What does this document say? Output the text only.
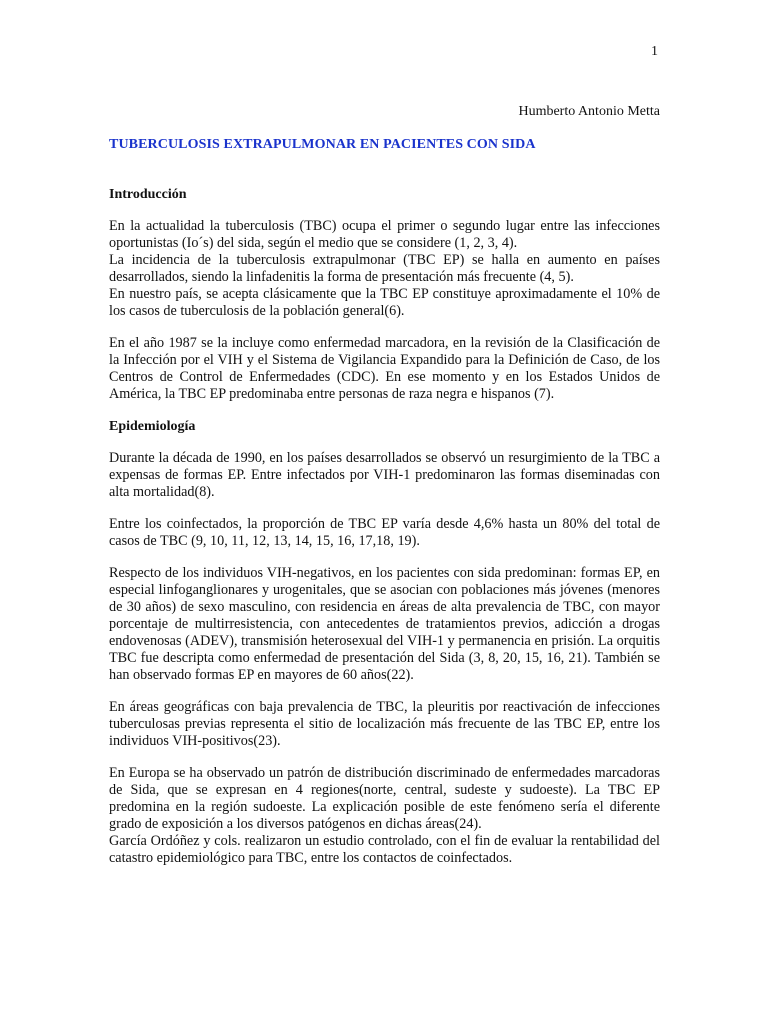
1
Humberto Antonio Metta
TUBERCULOSIS EXTRAPULMONAR EN PACIENTES CON SIDA
Introducción
En la actualidad la tuberculosis (TBC) ocupa el primer o segundo lugar entre las infecciones oportunistas (Io´s) del sida, según el medio que se considere (1, 2, 3, 4).
La incidencia de la tuberculosis extrapulmonar (TBC EP) se halla en aumento en países desarrollados, siendo la linfadenitis la forma de presentación más frecuente (4, 5).
En nuestro país, se acepta clásicamente que la TBC EP constituye aproximadamente el 10% de los casos de tuberculosis de la población general(6).
En el año 1987 se la incluye como enfermedad marcadora, en la revisión de la Clasificación de la Infección por el VIH y el Sistema de Vigilancia Expandido para la Definición de Caso, de los Centros de Control de Enfermedades (CDC). En ese momento y en los Estados Unidos de América, la TBC EP predominaba entre personas de raza negra e hispanos (7).
Epidemiología
Durante la década de 1990, en los países desarrollados se observó un resurgimiento de la TBC a expensas de formas EP. Entre infectados por VIH-1 predominaron las formas diseminadas con alta mortalidad(8).
Entre los coinfectados, la proporción de TBC EP varía desde 4,6% hasta un 80% del total de casos de TBC (9, 10, 11, 12, 13, 14, 15, 16, 17,18, 19).
Respecto de los individuos VIH-negativos, en los pacientes con sida predominan: formas EP, en especial linfoganglionares y urogenitales, que se asocian con poblaciones más jóvenes (menores de 30 años) de sexo masculino, con residencia en áreas de alta prevalencia de TBC, con mayor porcentaje de multirresistencia, con antecedentes de tratamientos previos, adicción a drogas endovenosas (ADEV), transmisión heterosexual del VIH-1 y permanencia en prisión. La orquitis TBC fue descripta como enfermedad de presentación del Sida (3, 8, 20, 15, 16, 21). También se han observado formas EP en mayores de 60 años(22).
En áreas geográficas con baja prevalencia de TBC, la pleuritis por reactivación de infecciones tuberculosas previas representa el sitio de localización más frecuente de las TBC EP, entre los individuos VIH-positivos(23).
En Europa se ha observado un patrón de distribución discriminado de enfermedades marcadoras de Sida, que se expresan en 4 regiones(norte, central, sudeste y sudoeste). La TBC EP predomina en la región sudoeste. La explicación posible de este fenómeno sería el diferente grado de exposición a los diversos patógenos en dichas áreas(24).
García Ordóñez y cols. realizaron un estudio controlado, con el fin de evaluar la rentabilidad del catastro epidemiológico para TBC, entre los contactos de coinfectados.
